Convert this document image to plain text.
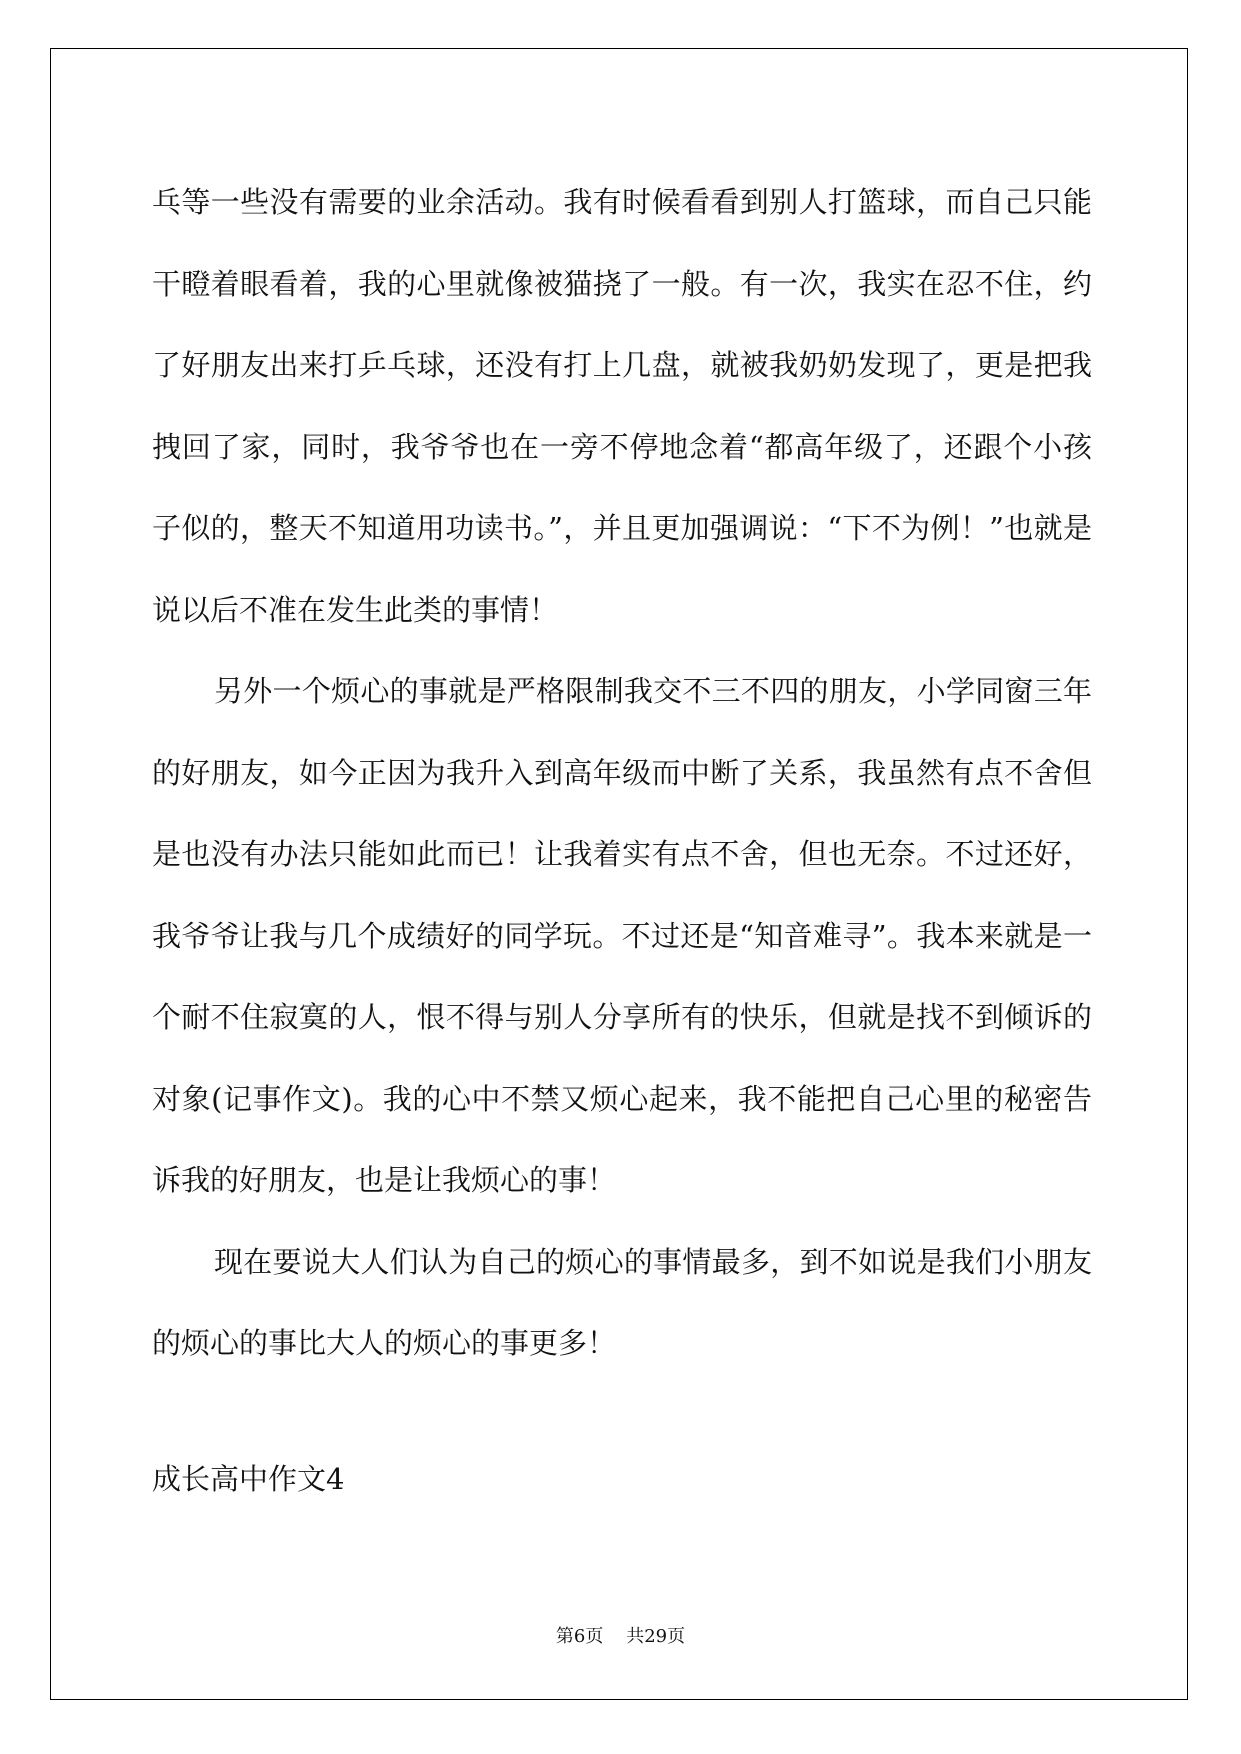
乓等一些没有需要的业余活动。我有时候看看到别人打篮球，而自己只能干瞪着眼看着，我的心里就像被猫挠了一般。有一次，我实在忍不住，约了好朋友出来打乒乓球，还没有打上几盘，就被我奶奶发现了，更是把我拽回了家，同时，我爷爷也在一旁不停地念着“都高年级了，还跟个小孩子似的，整天不知道用功读书。”，并且更加强调说：“下不为例！”也就是说以后不准在发生此类的事情！

另外一个烦心的事就是严格限制我交不三不四的朋友，小学同窗三年的好朋友，如今正因为我升入到高年级而中断了关系，我虽然有点不舍但是也没有办法只能如此而已！让我着实有点不舍，但也无奈。不过还好，我爷爷让我与几个成绩好的同学玩。不过还是“知音难寻”。我本来就是一个耐不住寂寞的人，恨不得与别人分享所有的快乐，但就是找不到倾诉的对象(记事作文)。我的心中不禁又烦心起来，我不能把自己心里的秘密告诉我的好朋友，也是让我烦心的事！

现在要说大人们认为自己的烦心的事情最多，到不如说是我们小朋友的烦心的事比大人的烦心的事更多！

成长高中作文4
第6页 共29页
